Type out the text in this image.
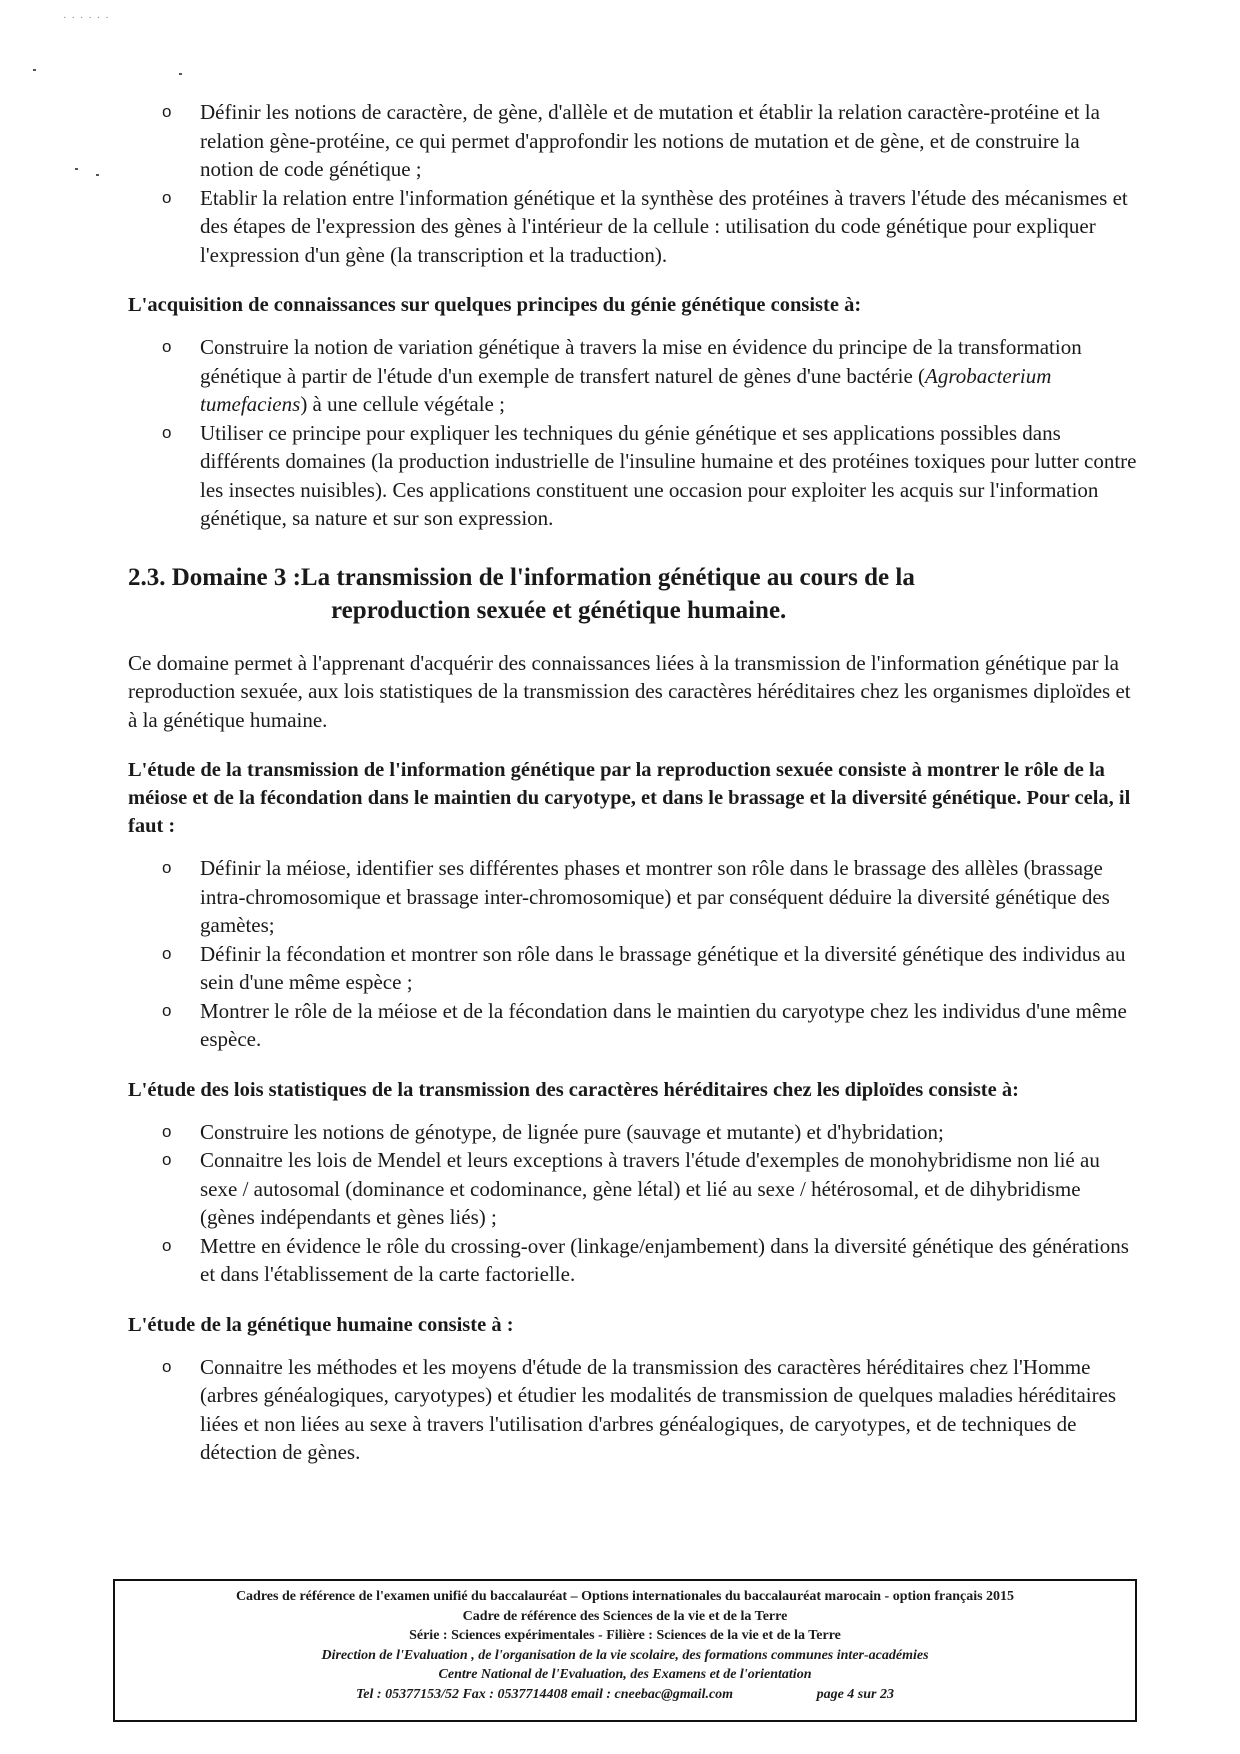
· · · · · ·
o Définir les notions de caractère, de gène, d'allèle et de mutation et établir la relation caractère-protéine et la relation gène-protéine, ce qui permet d'approfondir les notions de mutation et de gène, et de construire la notion de code génétique ;
o Etablir la relation entre l'information génétique et la synthèse des protéines à travers l'étude des mécanismes et des étapes de l'expression des gènes à l'intérieur de la cellule : utilisation du code génétique pour expliquer l'expression d'un gène (la transcription et la traduction).
L'acquisition de connaissances sur quelques principes du génie génétique consiste à:
o Construire la notion de variation génétique à travers la mise en évidence du principe de la transformation génétique à partir de l'étude d'un exemple de transfert naturel de gènes d'une bactérie (Agrobacterium tumefaciens) à une cellule végétale ;
o Utiliser ce principe pour expliquer les techniques du génie génétique et ses applications possibles dans différents domaines (la production industrielle de l'insuline humaine et des protéines toxiques pour lutter contre les insectes nuisibles). Ces applications constituent une occasion pour exploiter les acquis sur l'information génétique, sa nature et sur son expression.
2.3. Domaine 3 :La transmission de l'information génétique au cours de la
reproduction sexuée et génétique humaine.

Ce domaine permet à l'apprenant d'acquérir des connaissances liées à la transmission de l'information génétique par la reproduction sexuée, aux lois statistiques de la transmission des caractères héréditaires chez les organismes diploïdes et à la génétique humaine.

L'étude de la transmission de l'information génétique par la reproduction sexuée consiste à montrer le rôle de la méiose et de la fécondation dans le maintien du caryotype, et dans le brassage et la diversité génétique. Pour cela, il faut :
o Définir la méiose, identifier ses différentes phases et montrer son rôle dans le brassage des allèles (brassage intra-chromosomique et brassage inter-chromosomique) et par conséquent déduire la diversité génétique des gamètes;
o Définir la fécondation et montrer son rôle dans le brassage génétique et la diversité génétique des individus au sein d'une même espèce ;
o Montrer le rôle de la méiose et de la fécondation dans le maintien du caryotype chez les individus d'une même espèce.
L'étude des lois statistiques de la transmission des caractères héréditaires chez les diploïdes consiste à:
o Construire les notions de génotype, de lignée pure (sauvage et mutante) et d'hybridation;
o Connaitre les lois de Mendel et leurs exceptions à travers l'étude d'exemples de monohybridisme non lié au sexe / autosomal (dominance et codominance, gène létal) et lié au sexe / hétérosomal, et de dihybridisme (gènes indépendants et gènes liés) ;
o Mettre en évidence le rôle du crossing-over (linkage/enjambement) dans la diversité génétique des générations et dans l'établissement de la carte factorielle.
L'étude de la génétique humaine consiste à :
o Connaitre les méthodes et les moyens d'étude de la transmission des caractères héréditaires chez l'Homme (arbres généalogiques, caryotypes) et étudier les modalités de transmission de quelques maladies héréditaires liées et non liées au sexe à travers l'utilisation d'arbres généalogiques, de caryotypes, et de techniques de détection de gènes.
Cadres de référence de l'examen unifié du baccalauréat – Options internationales du baccalauréat marocain - option français 2015
Cadre de référence des Sciences de la vie et de la Terre
Série : Sciences expérimentales - Filière : Sciences de la vie et de la Terre
Direction de l'Evaluation , de l'organisation de la vie scolaire, des formations communes inter-académies
Centre National de l'Evaluation, des Examens et de l'orientation
Tel : 05377153/52 Fax : 0537714408 email : cneebac@gmail.com	page 4 sur 23
